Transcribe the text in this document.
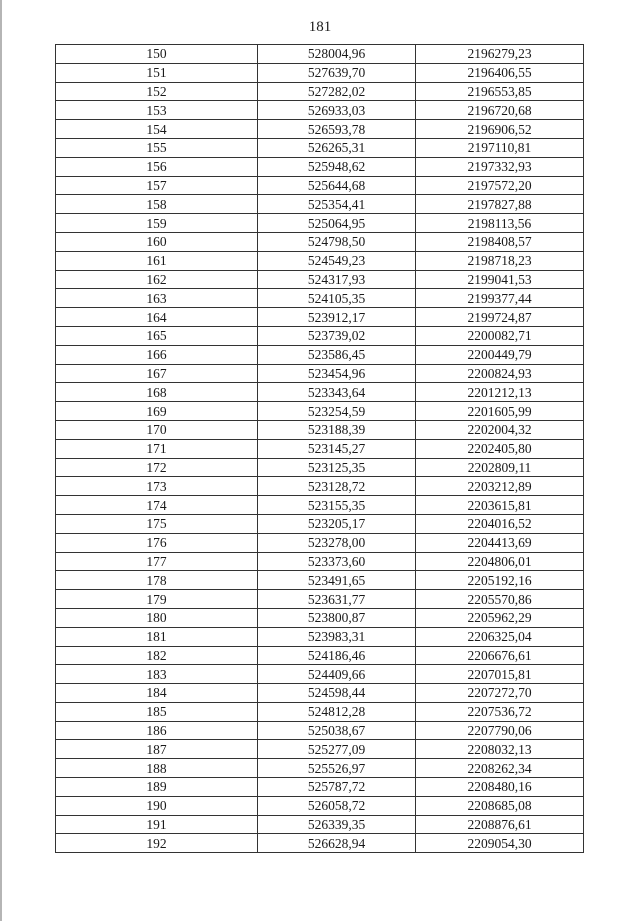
181
150	528004,96	2196279,23
151	527639,70	2196406,55
152	527282,02	2196553,85
153	526933,03	2196720,68
154	526593,78	2196906,52
155	526265,31	2197110,81
156	525948,62	2197332,93
157	525644,68	2197572,20
158	525354,41	2197827,88
159	525064,95	2198113,56
160	524798,50	2198408,57
161	524549,23	2198718,23
162	524317,93	2199041,53
163	524105,35	2199377,44
164	523912,17	2199724,87
165	523739,02	2200082,71
166	523586,45	2200449,79
167	523454,96	2200824,93
168	523343,64	2201212,13
169	523254,59	2201605,99
170	523188,39	2202004,32
171	523145,27	2202405,80
172	523125,35	2202809,11
173	523128,72	2203212,89
174	523155,35	2203615,81
175	523205,17	2204016,52
176	523278,00	2204413,69
177	523373,60	2204806,01
178	523491,65	2205192,16
179	523631,77	2205570,86
180	523800,87	2205962,29
181	523983,31	2206325,04
182	524186,46	2206676,61
183	524409,66	2207015,81
184	524598,44	2207272,70
185	524812,28	2207536,72
186	525038,67	2207790,06
187	525277,09	2208032,13
188	525526,97	2208262,34
189	525787,72	2208480,16
190	526058,72	2208685,08
191	526339,35	2208876,61
192	526628,94	2209054,30
